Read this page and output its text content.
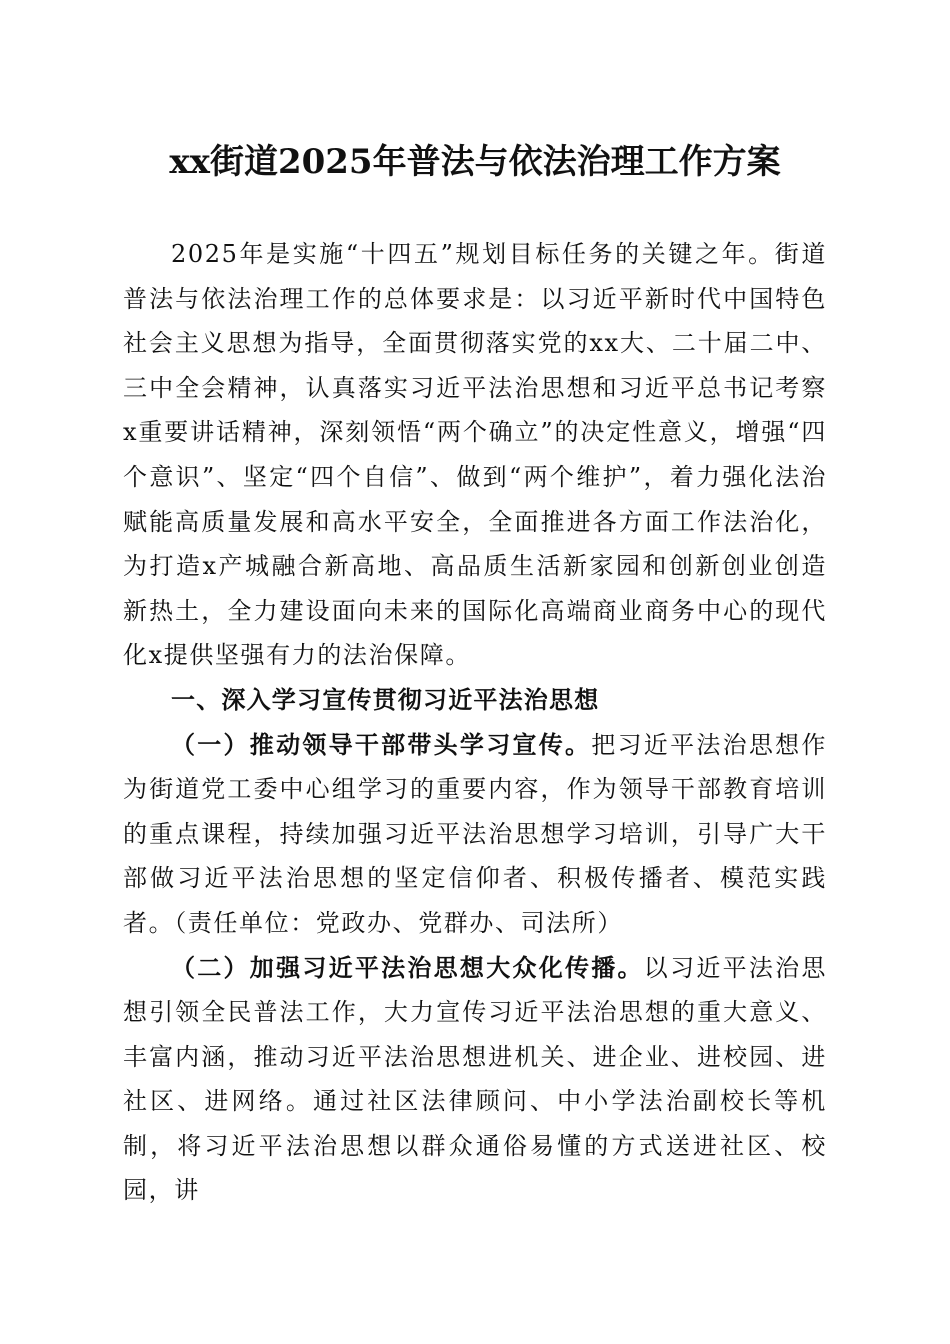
xx街道2025年普法与依法治理工作方案

2025年是实施“十四五”规划目标任务的关键之年。街道普法与依法治理工作的总体要求是：以习近平新时代中国特色社会主义思想为指导，全面贯彻落实党的xx大、二十届二中、三中全会精神，认真落实习近平法治思想和习近平总书记考察x重要讲话精神，深刻领悟“两个确立”的决定性意义，增强“四个意识”、坚定“四个自信”、做到“两个维护”，着力强化法治赋能高质量发展和高水平安全，全面推进各方面工作法治化，为打造x产城融合新高地、高品质生活新家园和创新创业创造新热土，全力建设面向未来的国际化高端商业商务中心的现代化x提供坚强有力的法治保障。

一、深入学习宣传贯彻习近平法治思想

（一）推动领导干部带头学习宣传。把习近平法治思想作为街道党工委中心组学习的重要内容，作为领导干部教育培训的重点课程，持续加强习近平法治思想学习培训，引导广大干部做习近平法治思想的坚定信仰者、积极传播者、模范实践者。（责任单位：党政办、党群办、司法所）

（二）加强习近平法治思想大众化传播。以习近平法治思想引领全民普法工作，大力宣传习近平法治思想的重大意义、丰富内涵，推动习近平法治思想进机关、进企业、进校园、进社区、进网络。通过社区法律顾问、中小学法治副校长等机制，将习近平法治思想以群众通俗易懂的方式送进社区、校园，讲
